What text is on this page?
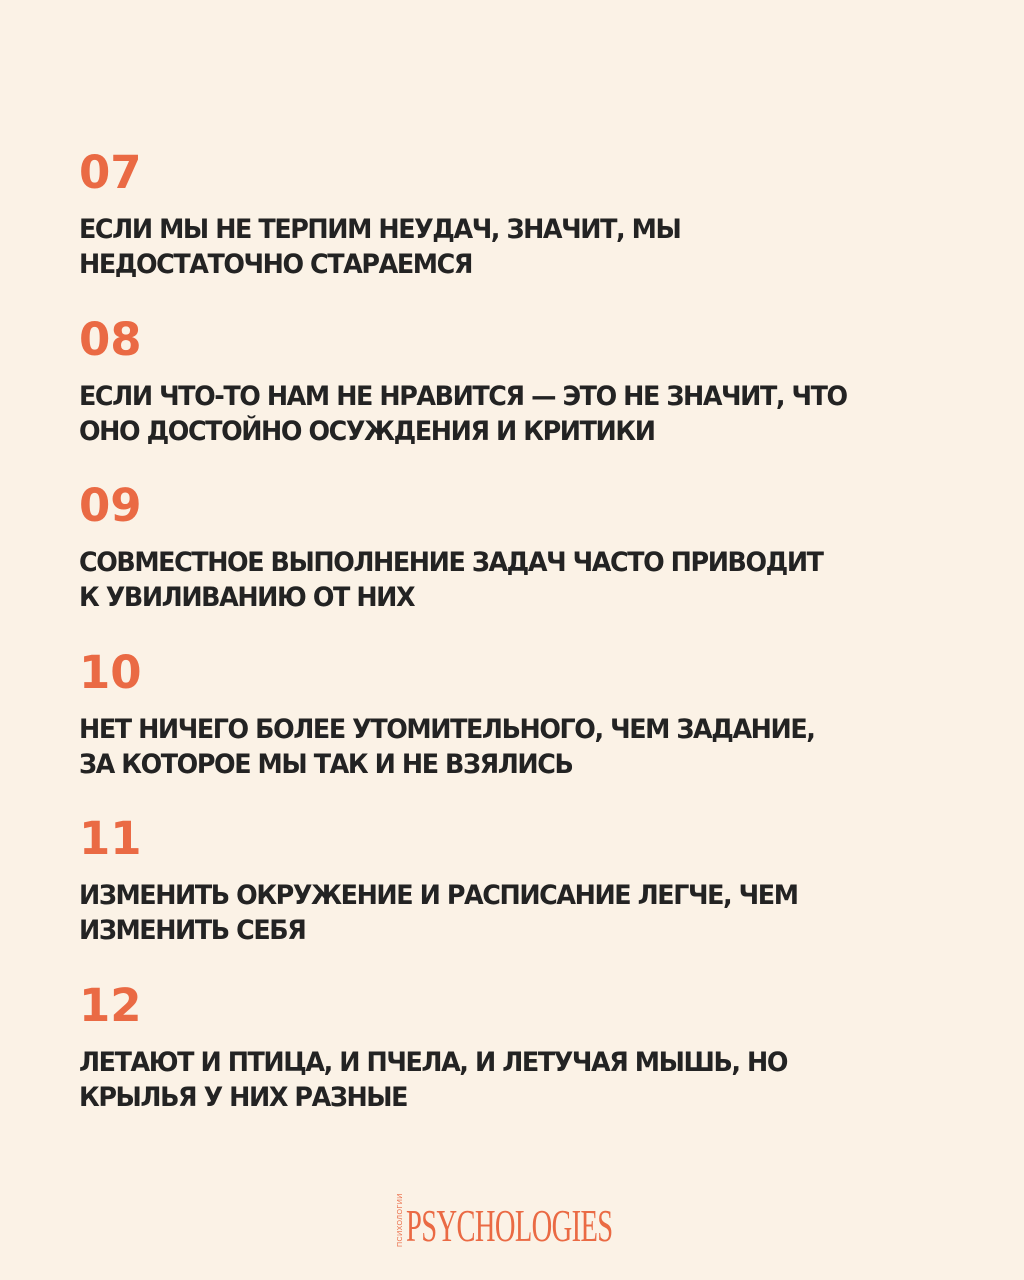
07
ЕСЛИ МЫ НЕ ТЕРПИМ НЕУДАЧ, ЗНАЧИТ, МЫ
НЕДОСТАТОЧНО СТАРАЕМСЯ
08
ЕСЛИ ЧТО-ТО НАМ НЕ НРАВИТСЯ — ЭТО НЕ ЗНАЧИТ, ЧТО
ОНО ДОСТОЙНО ОСУЖДЕНИЯ И КРИТИКИ
09
СОВМЕСТНОЕ ВЫПОЛНЕНИЕ ЗАДАЧ ЧАСТО ПРИВОДИТ
К УВИЛИВАНИЮ ОТ НИХ
10
НЕТ НИЧЕГО БОЛЕЕ УТОМИТЕЛЬНОГО, ЧЕМ ЗАДАНИЕ,
ЗА КОТОРОЕ МЫ ТАК И НЕ ВЗЯЛИСЬ
11
ИЗМЕНИТЬ ОКРУЖЕНИЕ И РАСПИСАНИЕ ЛЕГЧЕ, ЧЕМ
ИЗМЕНИТЬ СЕБЯ
12
ЛЕТАЮТ И ПТИЦА, И ПЧЕЛА, И ЛЕТУЧАЯ МЫШЬ, НО
КРЫЛЬЯ У НИХ РАЗНЫЕ
ПСИХОЛОГИИ PSYCHOLOGIES
